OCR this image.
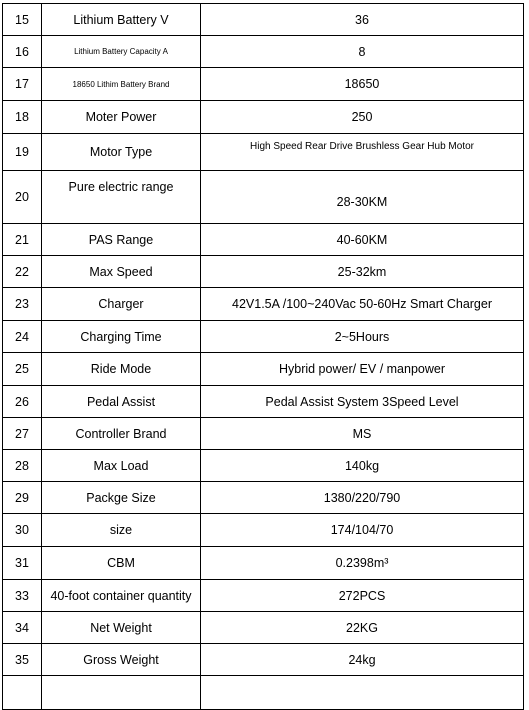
15	Lithium Battery V	36
16	Lithium Battery Capacity A	8
17	18650 Lithim Battery Brand	18650
18	Moter Power	250
19	Motor Type	High Speed Rear Drive Brushless Gear Hub Motor
20	Pure electric range	28-30KM
21	PAS Range	40-60KM
22	Max Speed	25-32km
23	Charger	42V1.5A /100~240Vac 50-60Hz Smart Charger
24	Charging Time	2~5Hours
25	Ride Mode	Hybrid power/ EV / manpower
26	Pedal Assist	Pedal Assist System 3Speed Level
27	Controller Brand	MS
28	Max Load	140kg
29	Packge Size	1380/220/790
30	size	174/104/70
31	CBM	0.2398m³
33	40-foot container quantity	272PCS
34	Net Weight	22KG
35	Gross Weight	24kg
